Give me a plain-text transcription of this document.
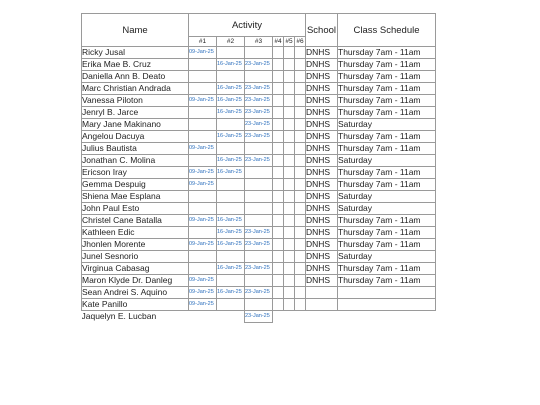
Name	Activity						School	Class Schedule
	#1	#2	#3	#4	#5	#6		
Ricky Jusal	09-Jan-25						DNHS	Thursday 7am - 11am
Erika Mae B. Cruz		16-Jan-25	23-Jan-25				DNHS	Thursday 7am - 11am
Daniella Ann B. Deato							DNHS	Thursday 7am - 11am
Marc Christian Andrada		16-Jan-25	23-Jan-25				DNHS	Thursday 7am - 11am
Vanessa Piloton	09-Jan-25	16-Jan-25	23-Jan-25				DNHS	Thursday 7am - 11am
Jenryl B. Jarce		16-Jan-25	23-Jan-25				DNHS	Thursday 7am - 11am
Mary Jane Makinano			23-Jan-25				DNHS	Saturday
Angelou Dacuya		16-Jan-25	23-Jan-25				DNHS	Thursday 7am - 11am
Julius Bautista	09-Jan-25						DNHS	Thursday 7am - 11am
Jonathan C. Molina		16-Jan-25	23-Jan-25				DNHS	Saturday
Ericson Iray	09-Jan-25	16-Jan-25					DNHS	Thursday 7am - 11am
Gemma Despuig	09-Jan-25						DNHS	Thursday 7am - 11am
Shiena Mae Esplana							DNHS	Saturday
John Paul Esto							DNHS	Saturday
Christel Cane Batalla	09-Jan-25	16-Jan-25					DNHS	Thursday 7am - 11am
Kathleen Edic		16-Jan-25	23-Jan-25				DNHS	Thursday 7am - 11am
Jhonlen Morente	09-Jan-25	16-Jan-25	23-Jan-25				DNHS	Thursday 7am - 11am
Junel Sesnorio							DNHS	Saturday
Virginua Cabasag		16-Jan-25	23-Jan-25				DNHS	Thursday 7am - 11am
Maron Klyde Dr. Danleg	09-Jan-25						DNHS	Thursday 7am - 11am
Sean Andrei S. Aquino	09-Jan-25	16-Jan-25	23-Jan-25					
Kate Panillo	09-Jan-25							
Jaquelyn E. Lucban			23-Jan-25					
